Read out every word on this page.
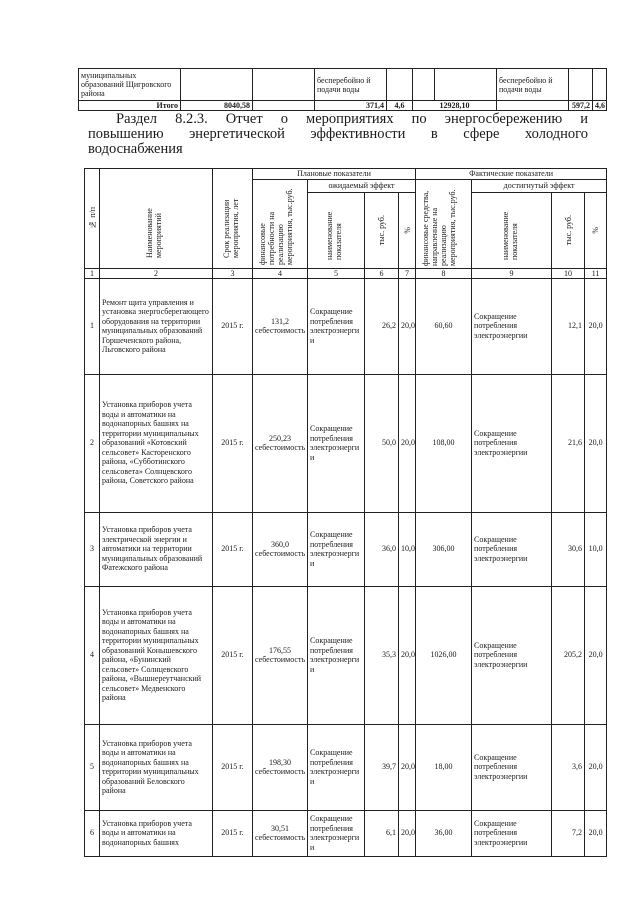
муниципальных образований Щигровского района			бесперебойно й подачи воды				бесперебойно й подачи воды		
Итого	8040,58		371,4	4,6	12928,10			597,2	4,6
Раздел 8.2.3. Отчет о мероприятиях по энергосбережению и
повышению энергетической эффективности в сфере холодного
водоснабжения
№ п/п	Наименование мероприятий	Срок реализации мероприятия, лет	Плановые показатели				Фактические показатели			

			финансовые потребности на реализацию мероприятия, тыс.руб.	ожидаемый эффект			финансовые средства, направленные на реализацию мероприятия, тыс.руб.	достигнутый эффект		

				наименование показателя	тыс. руб.	%		наименование показателя	тыс. руб.	%

1	2	3	4	5	6	7	8	9	10	11
1	Ремонт щита управления и установка энергосберегающего оборудования на территории муниципальных образований Горшеченского района, Льговского района	2015 г.	131,2 себестоимость	Сокращение потребления электроэнерги и	26,2	20,0	60,60	Сокращение потребления электроэнергии	12,1	20,0
2	Установка приборов учета воды и автоматики на водонапорных башнях на территории муниципальных образований «Котовский сельсовет» Касторенского района, «Субботинского сельсовета» Солнцевского района, Советского района	2015 г.	250,23 себестоимость	Сокращение потребления электроэнерги и	50,0	20,0	108,00	Сокращение потребления электроэнергии	21,6	20,0
3	Установка приборов учета электрической энергии и автоматики на территории муниципальных образований Фатежского района	2015 г.	360,0 себестоимость	Сокращение потребления электроэнерги и	36,0	10,0	306,00	Сокращение потребления электроэнергии	30,6	10,0
4	Установка приборов учета воды и автоматики на водонапорных башнях на территории муниципальных образований Конышевского района, «Бунинский сельсовет» Солнцевского района, «Вышнереутчанский сельсовет» Медвенского района	2015 г.	176,55 себестоимость	Сокращение потребления электроэнерги и	35,3	20,0	1026,00	Сокращение потребления электроэнергии	205,2	20,0
5	Установка приборов учета воды и автоматики на водонапорных башнях на территории муниципальных образований Беловского района	2015 г.	198,30 себестоимость	Сокращение потребления электроэнерги и	39,7	20,0	18,00	Сокращение потребления электроэнергии	3,6	20,0
6	Установка приборов учета воды и автоматики на водонапорных башнях	2015 г.	30,51 себестоимость	Сокращение потребления электроэнерги и	6,1	20,0	36,00	Сокращение потребления электроэнергии	7,2	20,0
